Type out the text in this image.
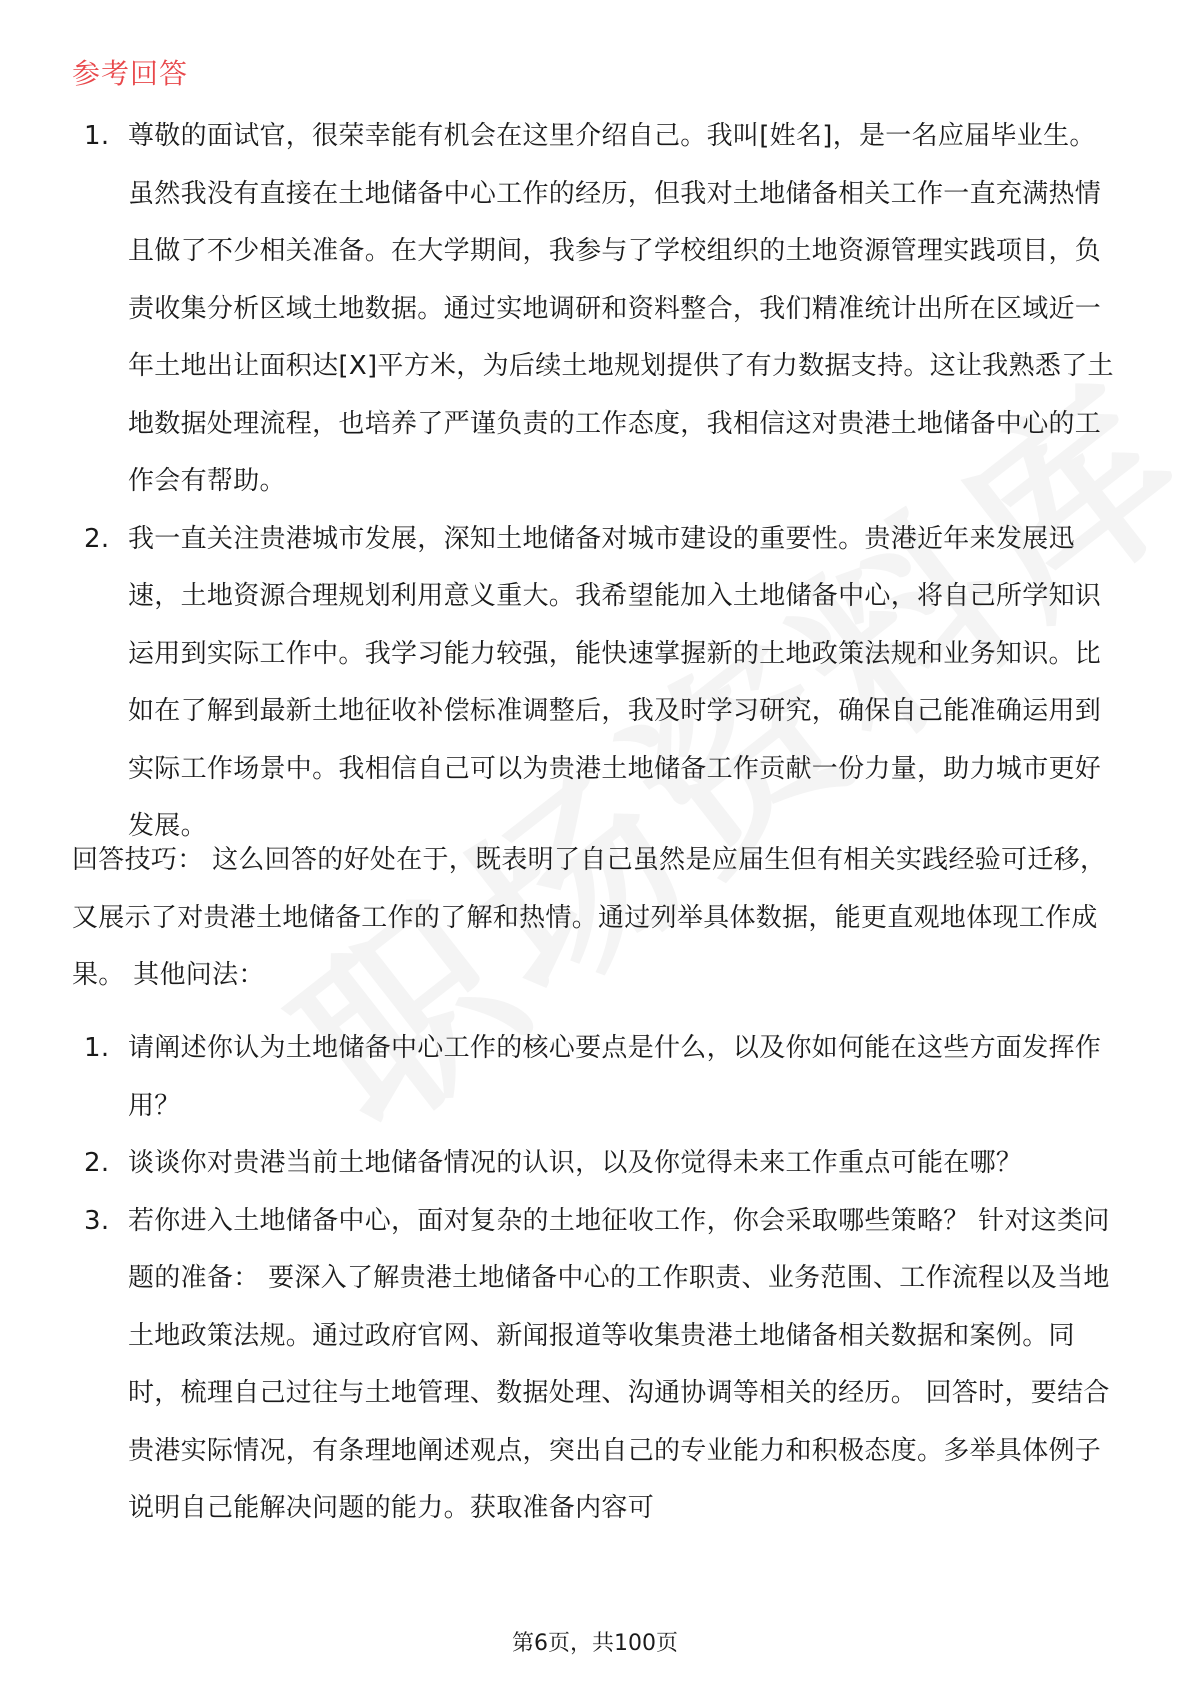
参考回答
1. 尊敬的面试官，很荣幸能有机会在这里介绍自己。我叫[姓名]，是一名应届毕业生。虽然我没有直接在土地储备中心工作的经历，但我对土地储备相关工作一直充满热情且做了不少相关准备。在大学期间，我参与了学校组织的土地资源管理实践项目，负责收集分析区域土地数据。通过实地调研和资料整合，我们精准统计出所在区域近一年土地出让面积达[X]平方米，为后续土地规划提供了有力数据支持。这让我熟悉了土地数据处理流程，也培养了严谨负责的工作态度，我相信这对贵港土地储备中心的工作会有帮助。
2. 我一直关注贵港城市发展，深知土地储备对城市建设的重要性。贵港近年来发展迅速，土地资源合理规划利用意义重大。我希望能加入土地储备中心，将自己所学知识运用到实际工作中。我学习能力较强，能快速掌握新的土地政策法规和业务知识。比如在了解到最新土地征收补偿标准调整后，我及时学习研究，确保自己能准确运用到实际工作场景中。我相信自己可以为贵港土地储备工作贡献一份力量，助力城市更好发展。
回答技巧： 这么回答的好处在于，既表明了自己虽然是应届生但有相关实践经验可迁移，又展示了对贵港土地储备工作的了解和热情。通过列举具体数据，能更直观地体现工作成果。 其他问法：
1. 请阐述你认为土地储备中心工作的核心要点是什么，以及你如何能在这些方面发挥作用？
2. 谈谈你对贵港当前土地储备情况的认识，以及你觉得未来工作重点可能在哪？
3. 若你进入土地储备中心，面对复杂的土地征收工作，你会采取哪些策略？ 针对这类问题的准备： 要深入了解贵港土地储备中心的工作职责、业务范围、工作流程以及当地土地政策法规。通过政府官网、新闻报道等收集贵港土地储备相关数据和案例。同时，梳理自己过往与土地管理、数据处理、沟通协调等相关的经历。 回答时，要结合贵港实际情况，有条理地阐述观点，突出自己的专业能力和积极态度。多举具体例子说明自己能解决问题的能力。获取准备内容可
第6页，共100页
